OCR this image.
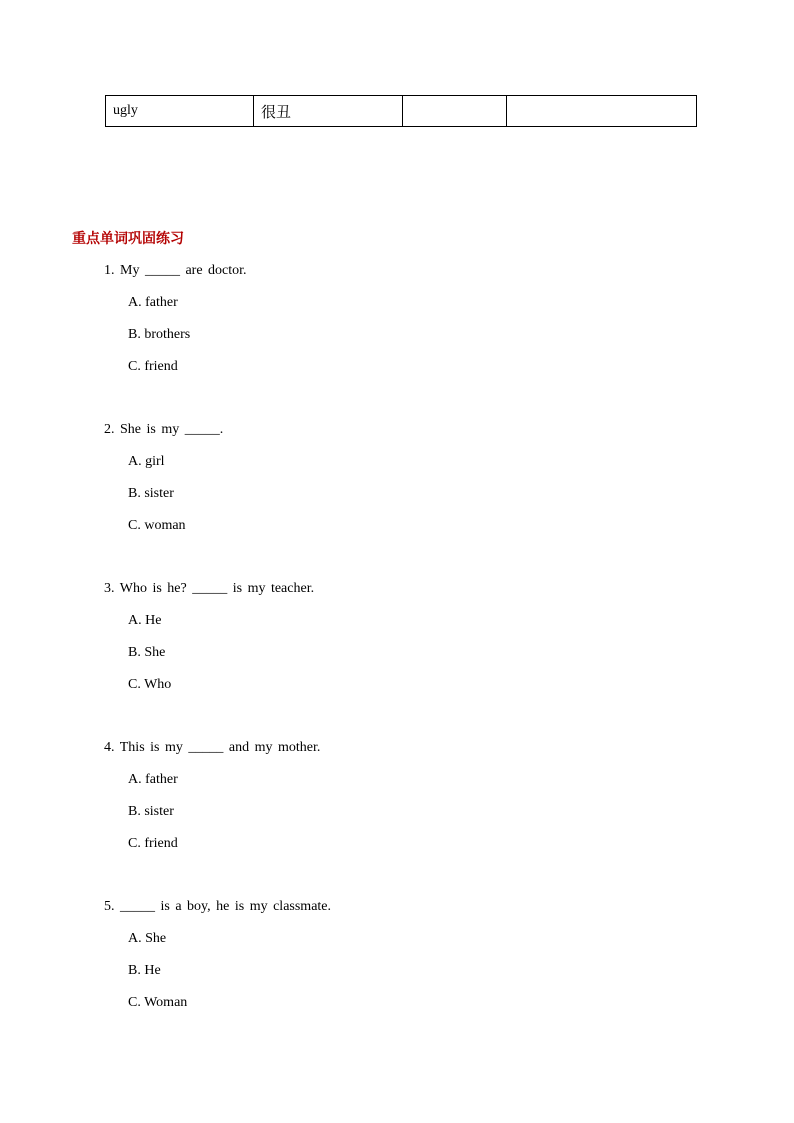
ugly	很丑		
重点单词巩固练习
1. My _____ are doctor.
A. father
B. brothers
C. friend
2. She is my _____.
A. girl
B. sister
C. woman
3. Who is he? _____ is my teacher.
A. He
B. She
C. Who
4. This is my _____ and my mother.
A. father
B. sister
C. friend
5. _____ is a boy, he is my classmate.
A. She
B. He
C. Woman
